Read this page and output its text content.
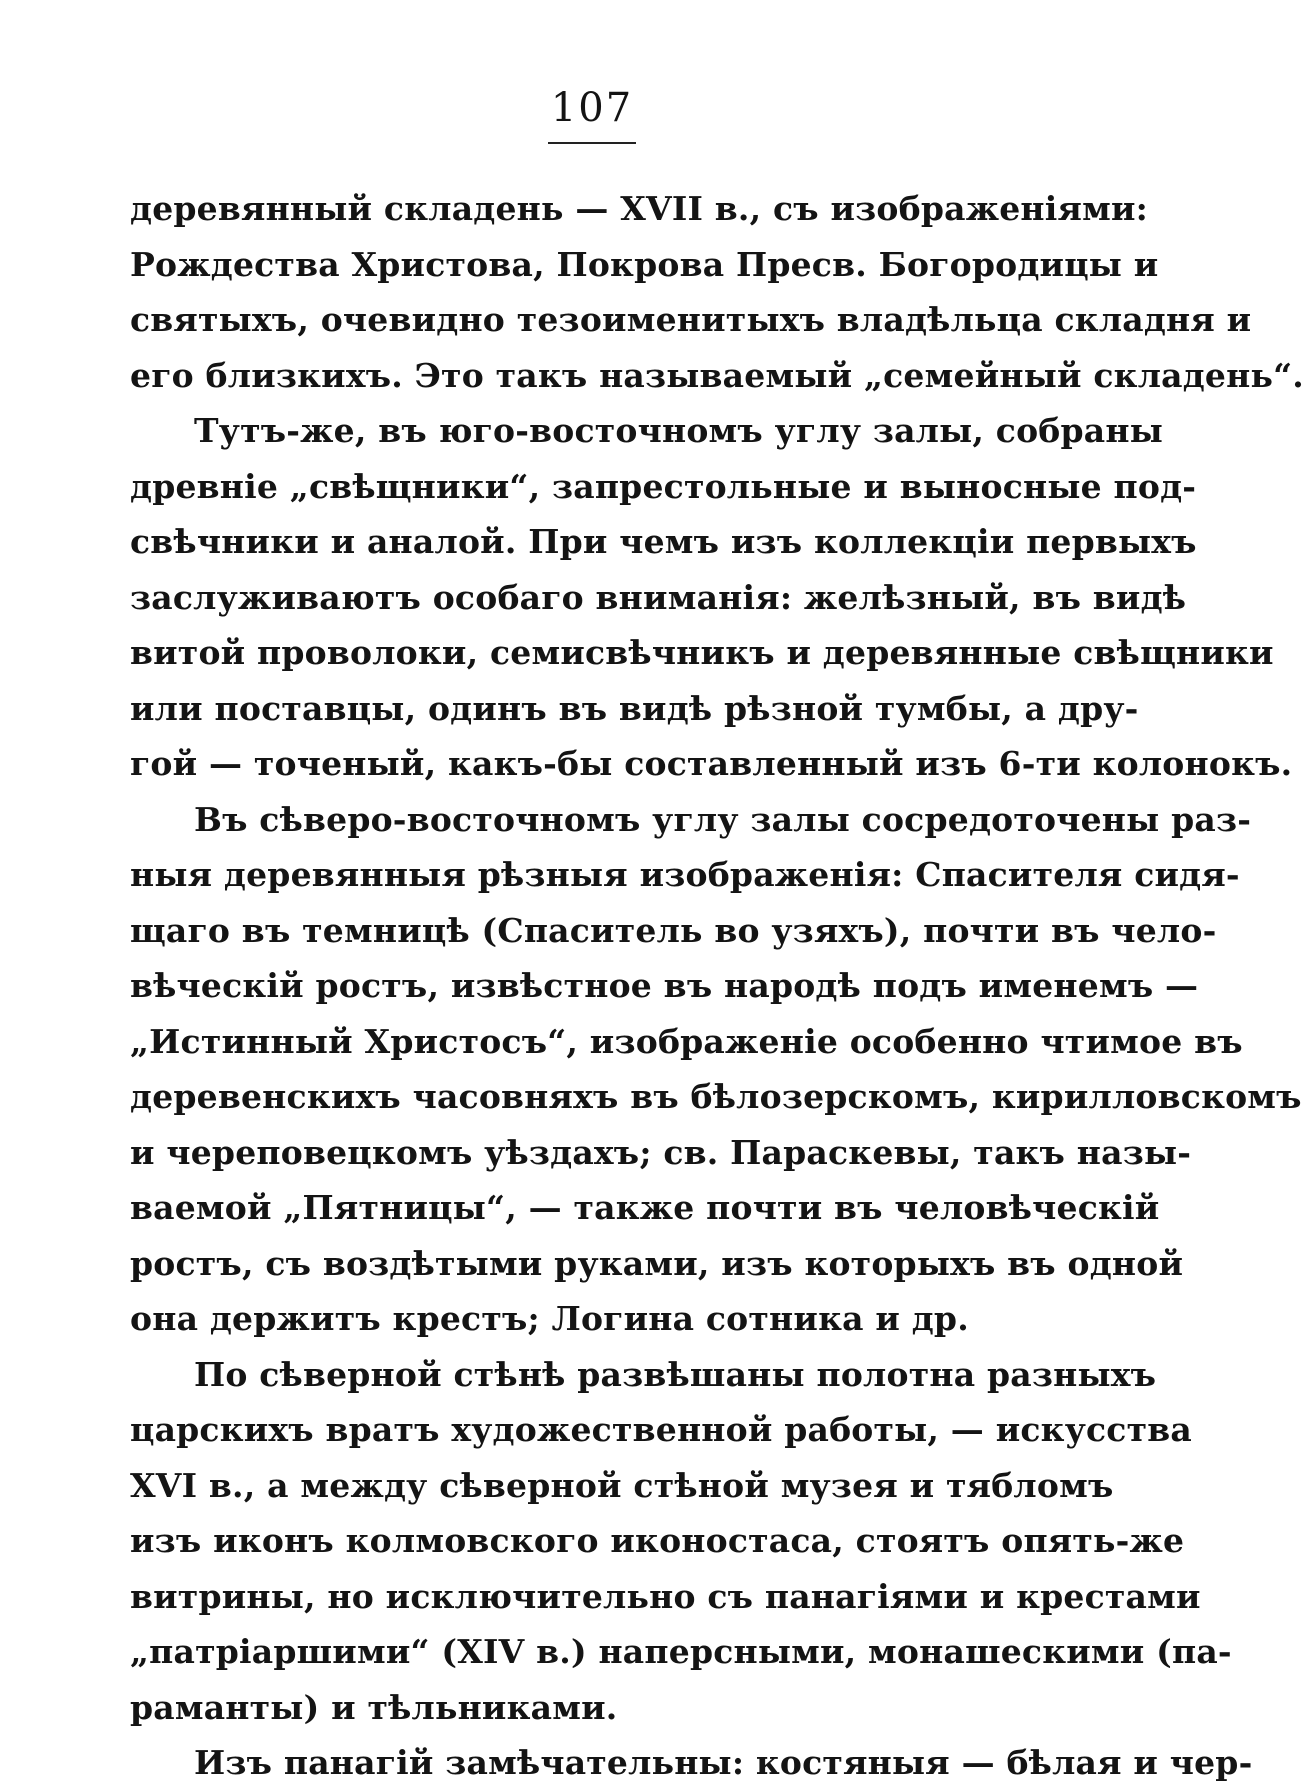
107
деревянный складень — XVII в., съ изображеніями:
Рождества Христова, Покрова Пресв. Богородицы и
святыхъ, очевидно тезоименитыхъ владѣльца складня и
его близкихъ. Это такъ называемый „семейный складень“.
Тутъ-же, въ юго-восточномъ углу залы, собраны
древніе „свѣщники“, запрестольные и выносные под-
свѣчники и аналой. При чемъ изъ коллекціи первыхъ
заслуживаютъ особаго вниманія: желѣзный, въ видѣ
витой проволоки, семисвѣчникъ и деревянные свѣщники
или поставцы, одинъ въ видѣ рѣзной тумбы, а дру-
гой — точеный, какъ-бы составленный изъ 6-ти колонокъ.
Въ сѣверо-восточномъ углу залы сосредоточены раз-
ныя деревянныя рѣзныя изображенія: Спасителя сидя-
щаго въ темницѣ (Спаситель во узяхъ), почти въ чело-
вѣческій ростъ, извѣстное въ народѣ подъ именемъ —
„Истинный Христосъ“, изображеніе особенно чтимое въ
деревенскихъ часовняхъ въ бѣлозерскомъ, кирилловскомъ
и череповецкомъ уѣздахъ; св. Параскевы, такъ назы-
ваемой „Пятницы“, — также почти въ человѣческій
ростъ, съ воздѣтыми руками, изъ которыхъ въ одной
она держитъ крестъ; Логина сотника и др.
По сѣверной стѣнѣ развѣшаны полотна разныхъ
царскихъ вратъ художественной работы, — искусства
XVI в., а между сѣверной стѣной музея и тябломъ
изъ иконъ колмовского иконостаса, стоятъ опять-же
витрины, но исключительно съ панагіями и крестами
„патріаршими“ (XIV в.) наперсными, монашескими (па-
раманты) и тѣльниками.
Изъ панагій замѣчательны: костяныя — бѣлая и чер-
